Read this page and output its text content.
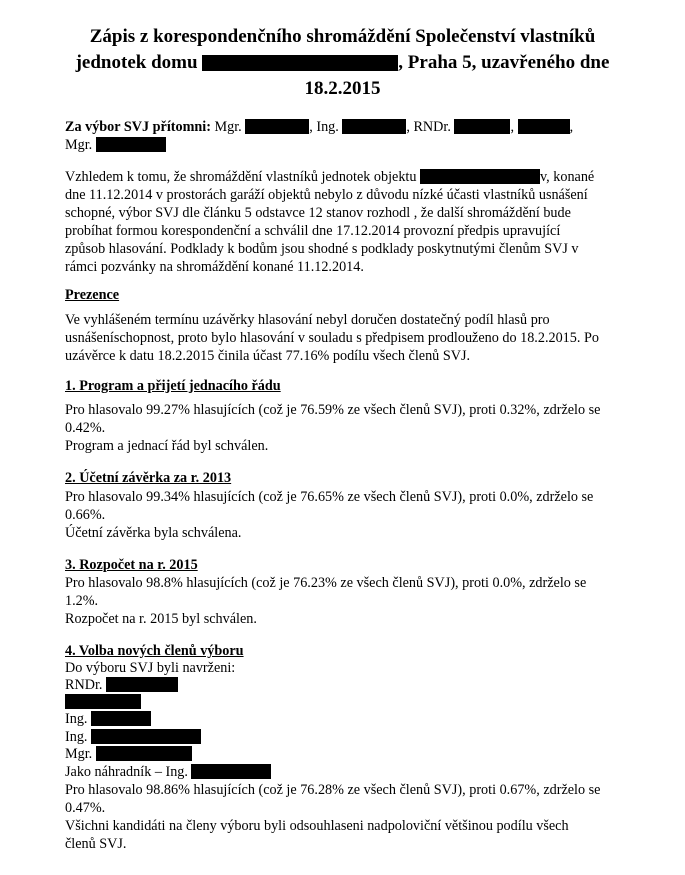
Zápis z korespondenčního shromáždění Společenství vlastníků
jednotek domu	, Praha 5, uzavřeného dne
18.2.2015
Za výbor SVJ přítomni: Mgr.	, Ing.	, RNDr.	,	,
Mgr.
Vzhledem k tomu, že shromáždění vlastníků jednotek objektu	v, konané
dne 11.12.2014 v prostorách garáží objektů nebylo z důvodu nízké účasti vlastníků usnášení
schopné, výbor SVJ dle článku 5 odstavce 12 stanov rozhodl , že další shromáždění bude
probíhat formou korespondenční a schválil dne 17.12.2014 provozní předpis upravující
způsob hlasování. Podklady k bodům jsou shodné s podklady poskytnutými členům SVJ v
rámci pozvánky na shromáždění konané 11.12.2014.
Prezence
Ve vyhlášeném termínu uzávěrky hlasování nebyl doručen dostatečný podíl hlasů pro
usnášeníschopnost, proto bylo hlasování v souladu s předpisem prodlouženo do 18.2.2015. Po
uzávěrce k datu 18.2.2015 činila účast 77.16% podílu všech členů SVJ.
1. Program a přijetí jednacího řádu
Pro hlasovalo 99.27% hlasujících (což je 76.59% ze všech členů SVJ), proti 0.32%, zdrželo se
0.42%.
Program a jednací řád byl schválen.
2. Účetní závěrka za r. 2013
Pro hlasovalo 99.34% hlasujících (což je 76.65% ze všech členů SVJ), proti 0.0%, zdrželo se
0.66%.
Účetní závěrka byla schválena.
3. Rozpočet na r. 2015
Pro hlasovalo 98.8% hlasujících (což je 76.23% ze všech členů SVJ), proti 0.0%, zdrželo se
1.2%.
Rozpočet na r. 2015 byl schválen.
4. Volba nových členů výboru
Do výboru SVJ byli navrženi:
RNDr.
Ing.
Ing.
Mgr.
Jako náhradník – Ing.
Pro hlasovalo 98.86% hlasujících (což je 76.28% ze všech členů SVJ), proti 0.67%, zdrželo se
0.47%.
Všichni kandidáti na členy výboru byli odsouhlaseni nadpoloviční většinou podílu všech
členů SVJ.
